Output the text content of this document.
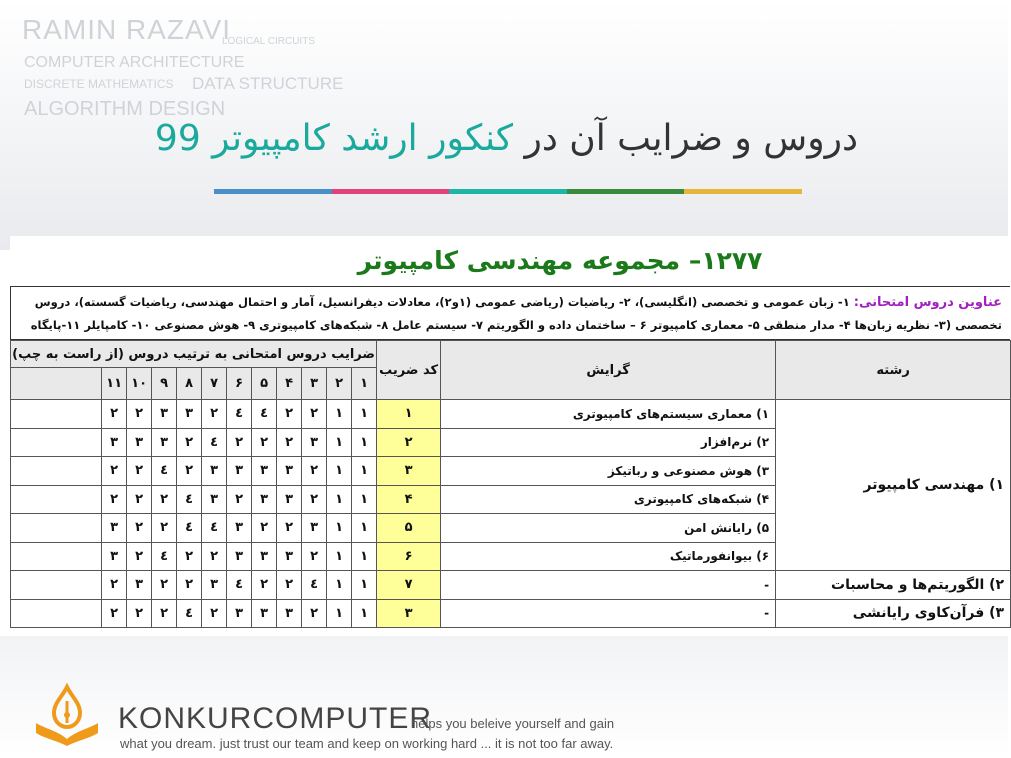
RAMIN RAZAVI
LOGICAL CIRCUITS
COMPUTER ARCHITECTURE
DISCRETE MATHEMATICS DATA STRUCTURE
ALGORITHM DESIGN
دروس و ضرایب آن در کنکور ارشد کامپیوتر 99
۱۲۷۷– مجموعه مهندسی کامپیوتر
عناوین دروس امتحانی: ۱- زبان عمومی و تخصصی (انگلیسی)، ۲- ریاضیات (ریاضی عمومی (۱و۲)، معادلات دیفرانسیل، آمار و احتمال مهندسی، ریاضیات گسسته)، دروس تخصصی (۳- نظریه زبان‌ها ۴- مدار منطقی ۵- معماری کامپیوتر ۶ – ساختمان داده و الگوریتم ۷- سیستم عامل ۸- شبکه‌های کامپیوتری ۹- هوش مصنوعی ۱۰- کامپایلر ۱۱-پایگاه
رشته	گرایش	کد ضریب	ضرایب دروس امتحانی به ترتیب دروس (از راست به چپ)											
			۱	۲	۳	۴	۵	۶	۷	۸	۹	۱۰	۱۱	
۱) مهندسی کامپیوتر	۱) معماری سیستم‌های کامپیوتری	۱	۱	۱	۲	۲	٤	٤	۲	۳	۳	۲	۲	
	۲) نرم‌افزار	۲	۱	۱	۳	۲	۲	۲	٤	۲	۳	۳	۳	
	۳) هوش مصنوعی و رباتیکز	۳	۱	۱	۲	۳	۳	۳	۳	۲	٤	۲	۲	
	۴) شبکه‌های کامپیوتری	۴	۱	۱	۲	۳	۳	۲	۳	٤	۲	۲	۲	
	۵) رایانش امن	۵	۱	۱	۳	۲	۲	۳	٤	٤	۲	۲	۳	
	۶) بیوانفورماتیک	۶	۱	۱	۲	۳	۳	۳	۲	۲	٤	۲	۳	
۲) الگوریتم‌ها و محاسبات	-	۷	۱	۱	٤	۲	۲	٤	۳	۲	۲	۳	۲	
۳) فرآن‌کاوی رایانشی	-	۳	۱	۱	۲	۳	۳	۳	۲	٤	۲	۲	۲	
KONKURCOMPUTER
helps you beleive yourself and gain
what you dream. just trust our team and keep on working hard ... it is not too far away.
